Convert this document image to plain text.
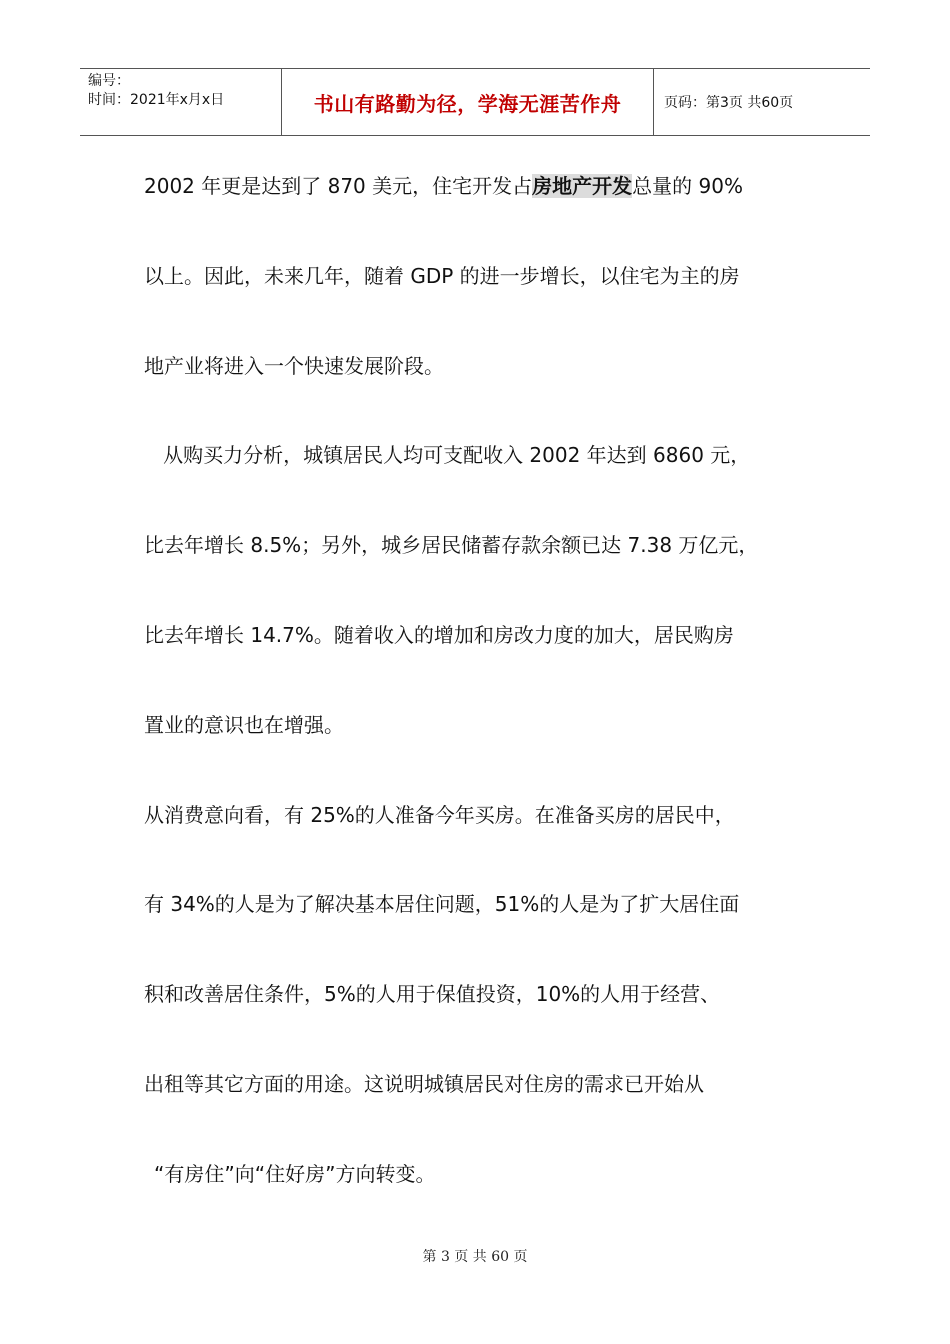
编号：
时间：2021年x月x日	书山有路勤为径，学海无涯苦作舟	页码：第3页 共60页
2002 年更是达到了 870 美元，住宅开发占房地产开发总量的 90%
以上。因此，未来几年，随着 GDP 的进一步增长，以住宅为主的房
地产业将进入一个快速发展阶段。
从购买力分析，城镇居民人均可支配收入 2002 年达到 6860 元，
比去年增长 8.5%；另外，城乡居民储蓄存款余额已达 7.38 万亿元，
比去年增长 14.7%。随着收入的增加和房改力度的加大，居民购房
置业的意识也在增强。
从消费意向看，有 25%的人准备今年买房。在准备买房的居民中，
有 34%的人是为了解决基本居住问题，51%的人是为了扩大居住面
积和改善居住条件，5%的人用于保值投资，10%的人用于经营、
出租等其它方面的用途。这说明城镇居民对住房的需求已开始从
“有房住”向“住好房”方向转变。
第 3 页 共 60 页
